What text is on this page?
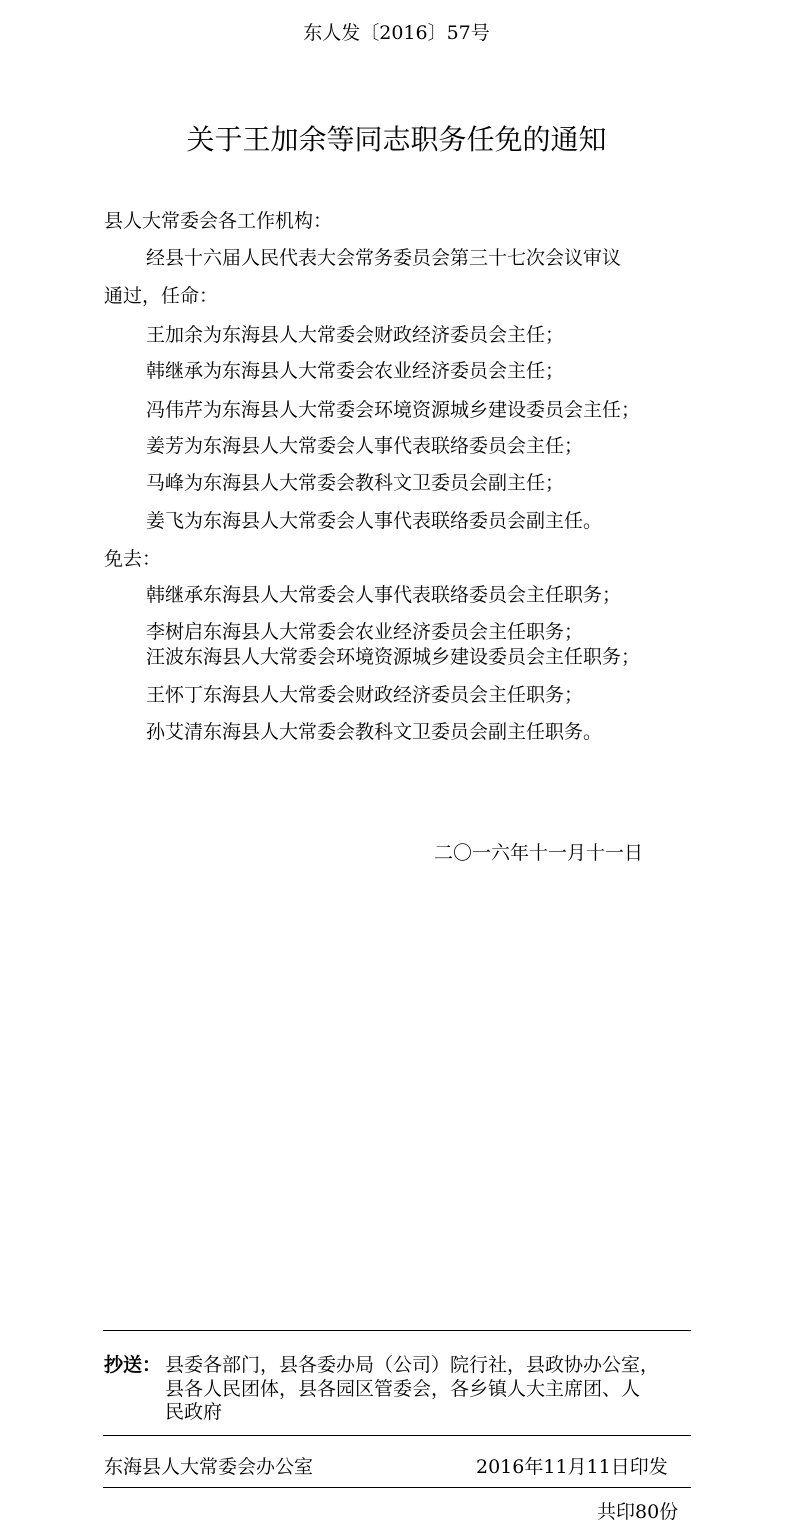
东人发〔2016〕57号
关于王加余等同志职务任免的通知
县人大常委会各工作机构：
经县十六届人民代表大会常务委员会第三十七次会议审议
通过，任命：
王加余为东海县人大常委会财政经济委员会主任；
韩继承为东海县人大常委会农业经济委员会主任；
冯伟芹为东海县人大常委会环境资源城乡建设委员会主任；
姜芳为东海县人大常委会人事代表联络委员会主任；
马峰为东海县人大常委会教科文卫委员会副主任；
姜飞为东海县人大常委会人事代表联络委员会副主任。
免去：
韩继承东海县人大常委会人事代表联络委员会主任职务；
李树启东海县人大常委会农业经济委员会主任职务；
汪波东海县人大常委会环境资源城乡建设委员会主任职务；
王怀丁东海县人大常委会财政经济委员会主任职务；
孙艾清东海县人大常委会教科文卫委员会副主任职务。
二〇一六年十一月十一日
抄送： 县委各部门，县各委办局（公司）院行社，县政协办公室，
县各人民团体，县各园区管委会，各乡镇人大主席团、人
民政府
东海县人大常委会办公室	2016年11月11日印发
共印80份
